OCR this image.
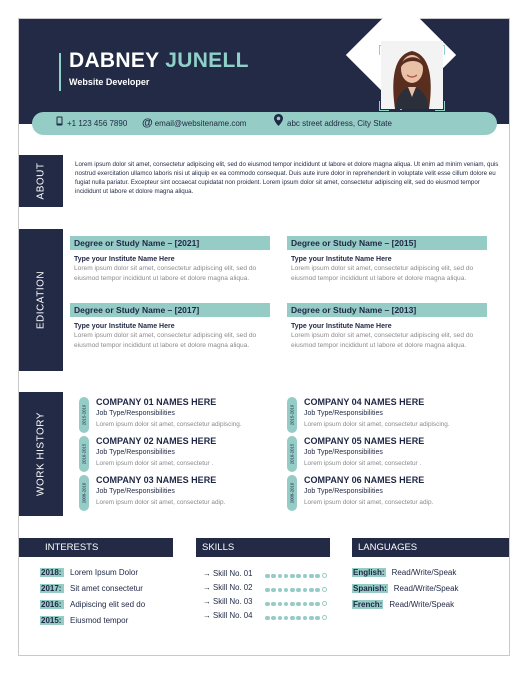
DABNEY JUNELL
Website Developer
+1 123 456 7890 @ email@websitename.com	abc street address, City State
ABOUT	Lorem ipsum dolor sit amet, consectetur adipiscing elit, sed do eiusmod tempor incididunt ut labore et dolore magna aliqua. Ut enim ad minim veniam, quis nostrud exercitation ullamco laboris nisi ut aliquip ex ea commodo consequat. Duis aute irure dolor in reprehenderit in voluptate velit esse cillum dolore eu fugiat nulla pariatur. Excepteur sint occaecat cupidatat non proident. Lorem ipsum dolor sit amet, consectetur adipiscing elit, sed do eiusmod tempor incididunt ut labore et dolore magna aliqua.
EDICATION
Degree or Study Name – [2021]
Type your Institute Name Here
Lorem ipsum dolor sit amet, consectetur adipiscing elit, sed do eiusmod tempor incididunt ut labore et dolore magna aliqua.
Degree or Study Name – [2015]
Type your Institute Name Here
Lorem ipsum dolor sit amet, consectetur adipiscing elit, sed do eiusmod tempor incididunt ut labore et dolore magna aliqua.
Degree or Study Name – [2017]
Type your Institute Name Here
Lorem ipsum dolor sit amet, consectetur adipiscing elit, sed do eiusmod tempor incididunt ut labore et dolore magna aliqua.
Degree or Study Name – [2013]
Type your Institute Name Here
Lorem ipsum dolor sit amet, consectetur adipiscing elit, sed do eiusmod tempor incididunt ut labore et dolore magna aliqua.
WORK HISTORY	2015-2019
COMPANY 01 NAMES HERE
Job Type/Responsibilities
Lorem ipsum dolor sit amet, consectetur adipiscing.
2010-2015
COMPANY 02 NAMES HERE
Job Type/Responsibilities
Lorem ipsum dolor sit amet, consectetur .
2008-2010
COMPANY 03 NAMES HERE
Job Type/Responsibilities
Lorem ipsum dolor sit amet, consectetur adip.
2015-2019
COMPANY 04 NAMES HERE
Job Type/Responsibilities
Lorem ipsum dolor sit amet, consectetur adipiscing.
2010-2015
COMPANY 05 NAMES HERE
Job Type/Responsibilities
Lorem ipsum dolor sit amet, consectetur .
2008-2010
COMPANY 06 NAMES HERE
Job Type/Responsibilities
Lorem ipsum dolor sit amet, consectetur adip.
INTERESTS	SKILLS	LANGUAGES
2018: Lorem Ipsum Dolor
2017: Sit amet consectetur
2016: Adipiscing elit sed do
2015: Eiusmod tempor
English: Read/Write/Speak
Spanish: Read/Write/Speak
French: Read/Write/Speak
→ Skill No. 01
→ Skill No. 02
→ Skill No. 03
→ Skill No. 04
